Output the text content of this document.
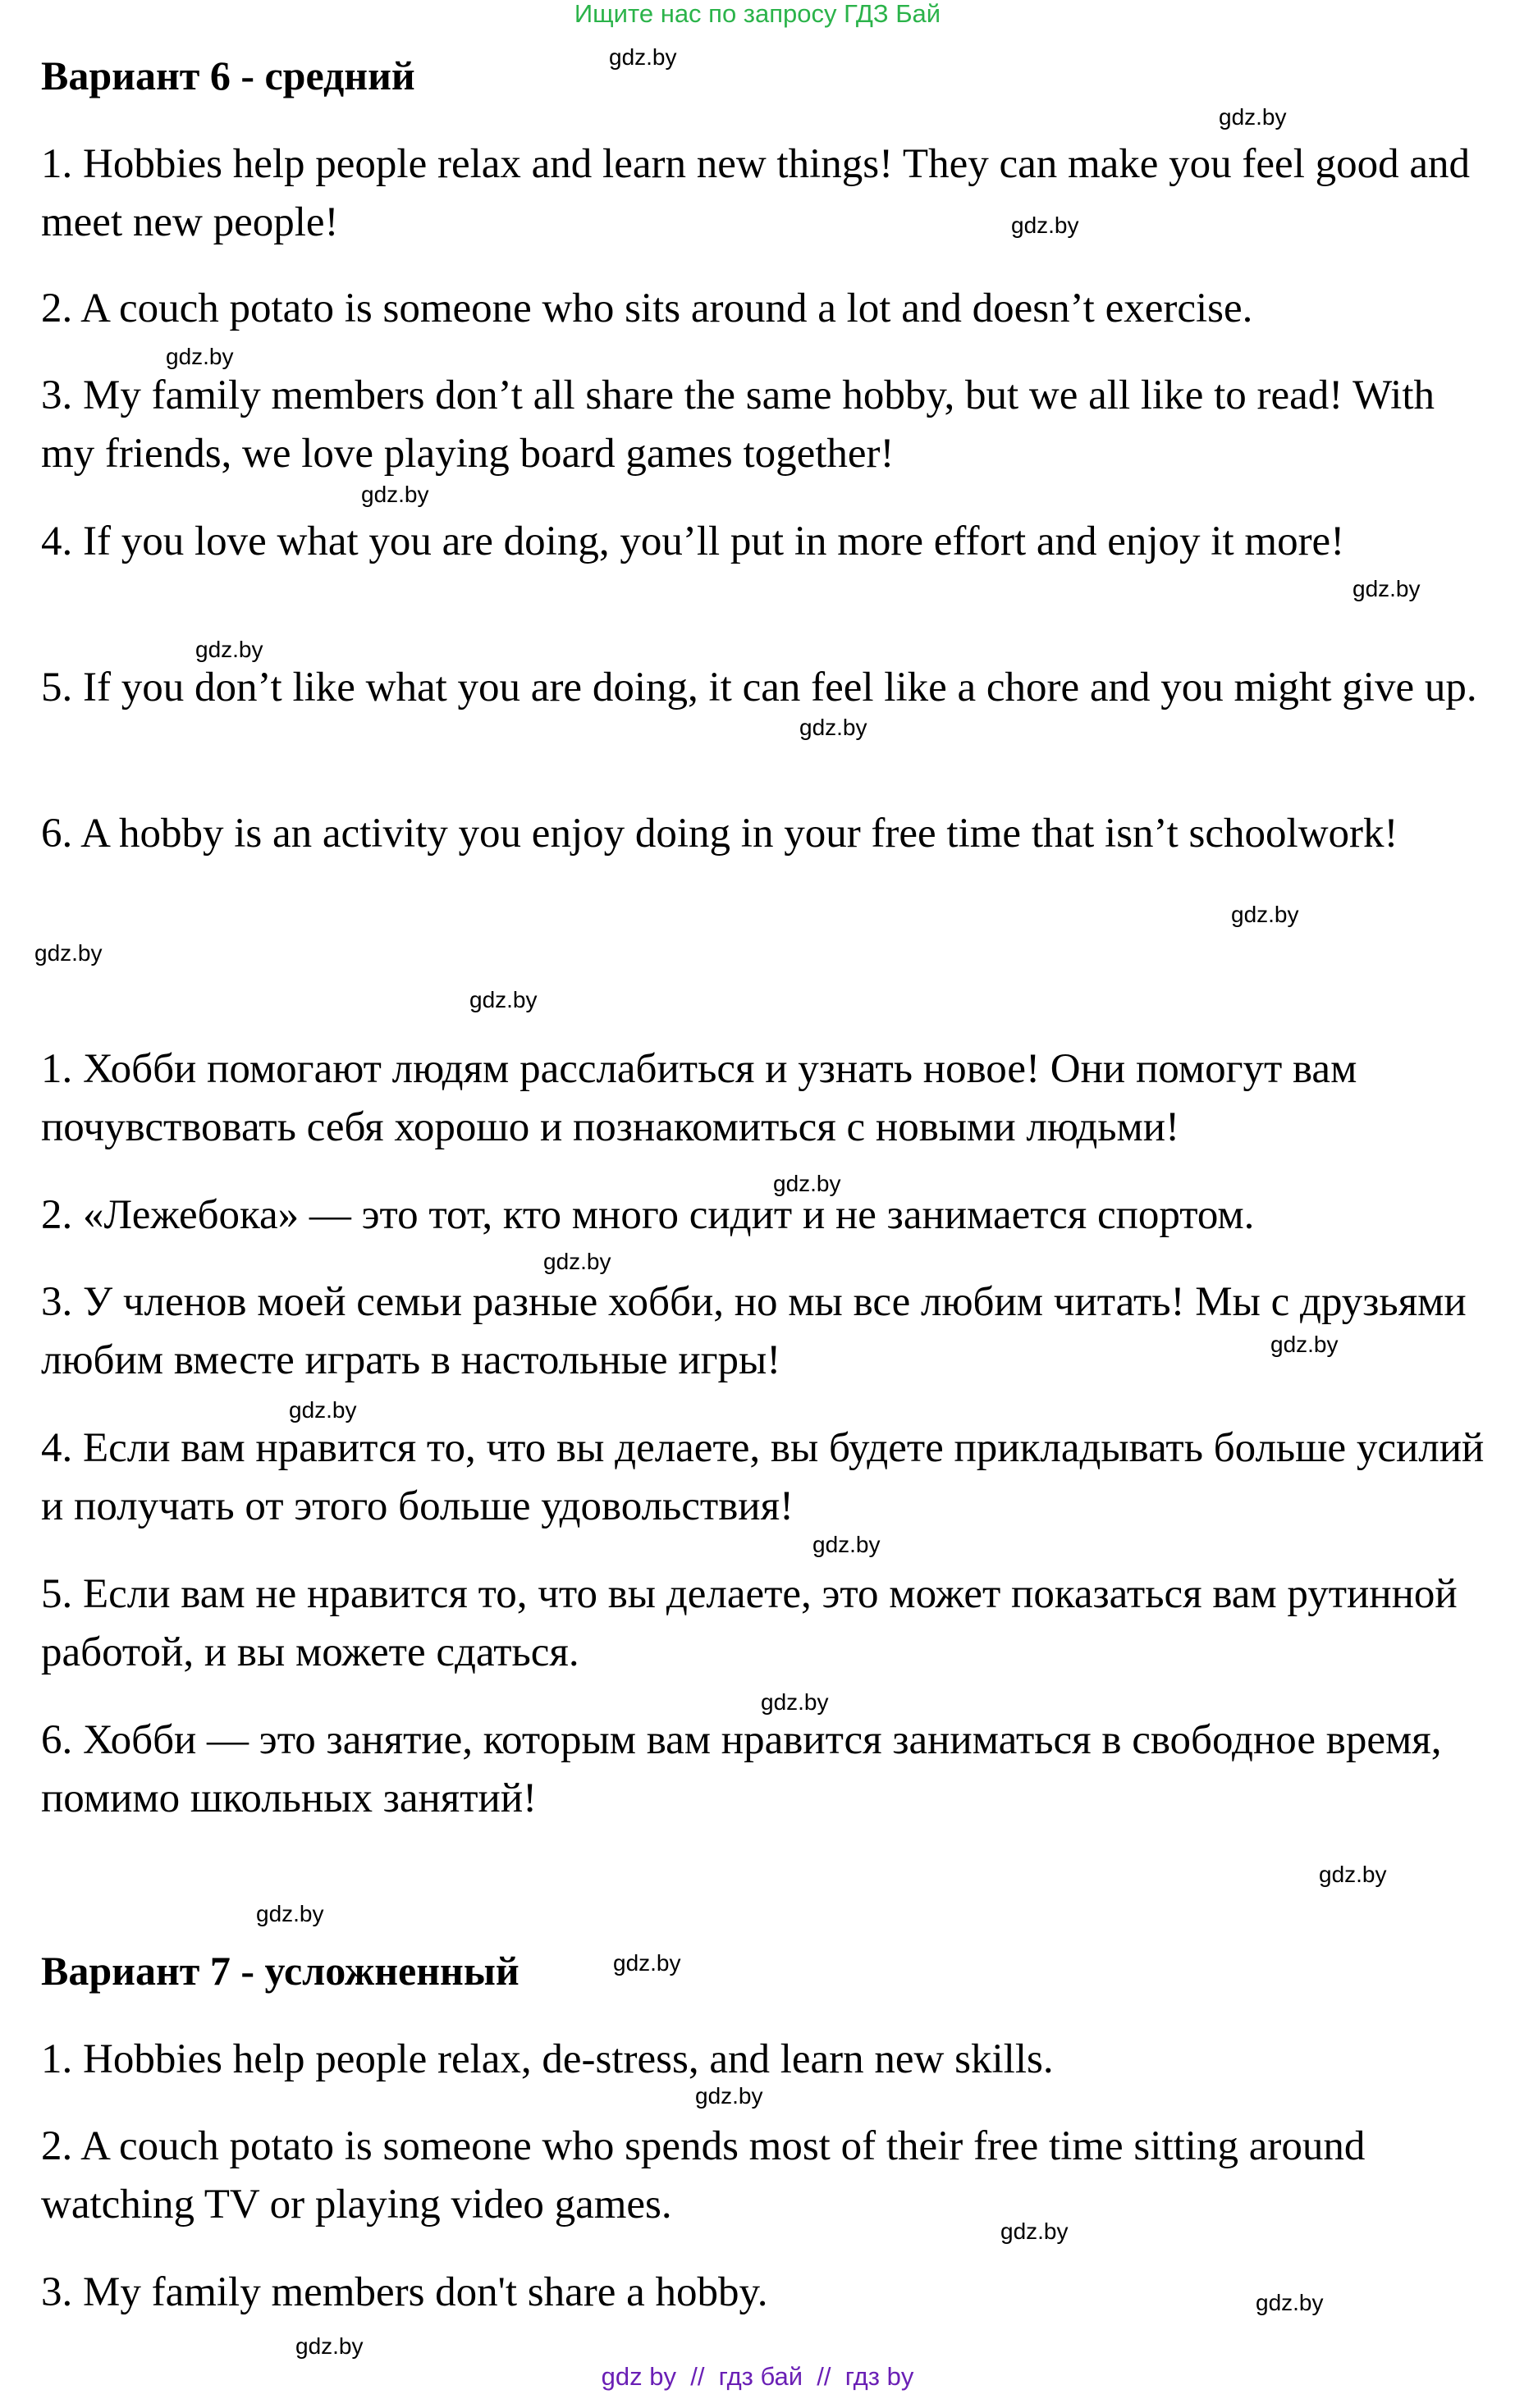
Ищите нас по запросу ГДЗ Бай
Вариант 6 - средний

1. Hobbies help people relax and learn new things! They can make you feel good and meet new people!

2. A couch potato is someone who sits around a lot and doesn’t exercise.

3. My family members don’t all share the same hobby, but we all like to read! With my friends, we love playing board games together!

4. If you love what you are doing, you’ll put in more effort and enjoy it more!

5. If you don’t like what you are doing, it can feel like a chore and you might give up.

6. A hobby is an activity you enjoy doing in your free time that isn’t schoolwork!

1. Хобби помогают людям расслабиться и узнать новое! Они помогут вам почувствовать себя хорошо и познакомиться с новыми людьми!

2. «Лежебока» — это тот, кто много сидит и не занимается спортом.

3. У членов моей семьи разные хобби, но мы все любим читать! Мы с друзьями любим вместе играть в настольные игры!

4. Если вам нравится то, что вы делаете, вы будете прикладывать больше усилий и получать от этого больше удовольствия!

5. Если вам не нравится то, что вы делаете, это может показаться вам рутинной работой, и вы можете сдаться.

6. Хобби — это занятие, которым вам нравится заниматься в свободное время, помимо школьных занятий!

Вариант 7 - усложненный

1. Hobbies help people relax, de-stress, and learn new skills.

2. A couch potato is someone who spends most of their free time sitting around watching TV or playing video games.

3. My family members don't share a hobby.

gdz.by
gdz.by
gdz.by
gdz.by
gdz.by
gdz.by
gdz.by
gdz.by
gdz.by
gdz.by
gdz.by
gdz.by
gdz.by
gdz.by
gdz.by
gdz.by
gdz.by
gdz.by
gdz.by
gdz.by
gdz.by
gdz.by
gdz.by
gdz.by
gdz by  //  гдз бай  //  гдз by
